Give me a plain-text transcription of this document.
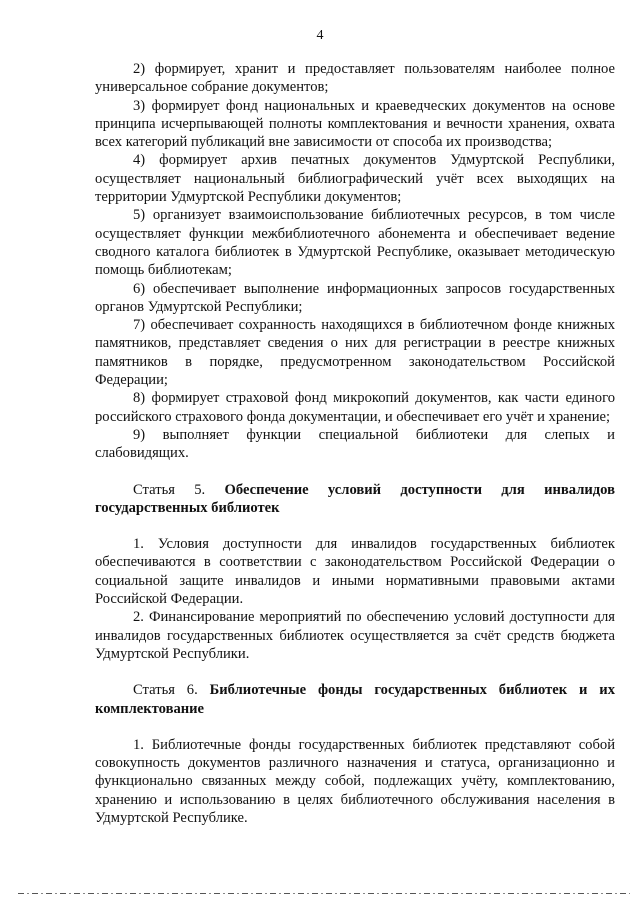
4

2) формирует, хранит и предоставляет пользователям наиболее полное универсальное собрание документов;

3) формирует фонд национальных и краеведческих документов на основе принципа исчерпывающей полноты комплектования и вечности хранения, охвата всех категорий публикаций вне зависимости от способа их производства;

4) формирует архив печатных документов Удмуртской Республики, осуществляет национальный библиографический учёт всех выходящих на территории Удмуртской Республики документов;

5) организует взаимоиспользование библиотечных ресурсов, в том числе осуществляет функции межбиблиотечного абонемента и обеспечивает ведение сводного каталога библиотек в Удмуртской Республике, оказывает методическую помощь библиотекам;

6) обеспечивает выполнение информационных запросов государственных органов Удмуртской Республики;

7) обеспечивает сохранность находящихся в библиотечном фонде книжных памятников, представляет сведения о них для регистрации в реестре книжных памятников в порядке, предусмотренном законодательством Российской Федерации;

8) формирует страховой фонд микрокопий документов, как части единого российского страхового фонда документации, и обеспечивает его учёт и хранение;

9) выполняет функции специальной библиотеки для слепых и слабовидящих.

Статья 5. Обеспечение условий доступности для инвалидов государственных библиотек

1. Условия доступности для инвалидов государственных библиотек обеспечиваются в соответствии с законодательством Российской Федерации о социальной защите инвалидов и иными нормативными правовыми актами Российской Федерации.

2. Финансирование мероприятий по обеспечению условий доступности для инвалидов государственных библиотек осуществляется за счёт средств бюджета Удмуртской Республики.

Статья 6. Библиотечные фонды государственных библиотек и их комплектование

1. Библиотечные фонды государственных библиотек представляют собой совокупность документов различного назначения и статуса, организационно и функционально связанных между собой, подлежащих учёту, комплектованию, хранению и использованию в целях библиотечного обслуживания населения в Удмуртской Республике.
